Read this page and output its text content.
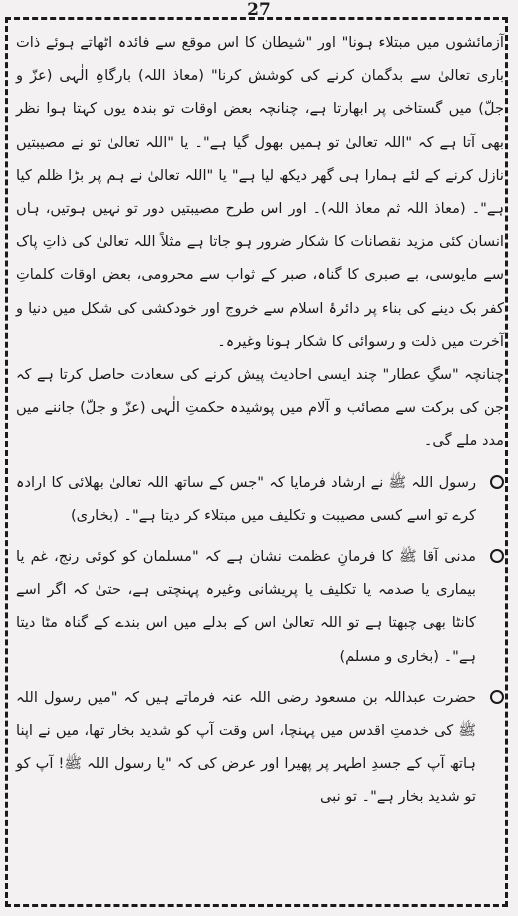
27

آزمائشوں میں مبتلاء ہونا" اور "شیطان کا اس موقع سے فائدہ اٹھاتے ہوئے ذات باری تعالیٰ سے بدگمان کرنے کی کوشش کرنا" (معاذ اللہ) بارگاہِ الٰہی (عزّ و جلّ) میں گستاخی پر ابھارتا ہے، چنانچہ بعض اوقات تو بندہ یوں کہتا ہوا نظر بھی آتا ہے کہ "اللہ تعالیٰ تو ہمیں بھول گیا ہے"۔ یا "اللہ تعالیٰ تو نے مصیبتیں نازل کرنے کے لئے ہمارا ہی گھر دیکھ لیا ہے" یا "اللہ تعالیٰ نے ہم پر بڑا ظلم کیا ہے"۔ (معاذ اللہ ثم معاذ اللہ)۔ اور اس طرح مصیبتیں دور تو نہیں ہوتیں، ہاں انسان کئی مزید نقصانات کا شکار ضرور ہو جاتا ہے مثلاً اللہ تعالیٰ کی ذاتِ پاک سے مایوسی، بے صبری کا گناہ، صبر کے ثواب سے محرومی، بعض اوقات کلماتِ کفر بک دینے کی بناء پر دائرۂ اسلام سے خروج اور خودکشی کی شکل میں دنیا و آخرت میں ذلت و رسوائی کا شکار ہونا وغیرہ۔

چنانچہ "سگِ عطار" چند ایسی احادیث پیش کرنے کی سعادت حاصل کرتا ہے کہ جن کی برکت سے مصائب و آلام میں پوشیدہ حکمتِ الٰہی (عزّ و جلّ) جاننے میں مدد ملے گی۔

رسول اللہ ﷺ نے ارشاد فرمایا کہ "جس کے ساتھ اللہ تعالیٰ بھلائی کا ارادہ کرے تو اسے کسی مصیبت و تکلیف میں مبتلاء کر دیتا ہے"۔ (بخاری)
مدنی آقا ﷺ کا فرمانِ عظمت نشان ہے کہ "مسلمان کو کوئی رنج، غم یا بیماری یا صدمہ یا تکلیف یا پریشانی وغیرہ پہنچتی ہے، حتیٰ کہ اگر اسے کانٹا بھی چبھتا ہے تو اللہ تعالیٰ اس کے بدلے میں اس بندے کے گناہ مٹا دیتا ہے"۔ (بخاری و مسلم)
حضرت عبداللہ بن مسعود رضی اللہ عنہ فرماتے ہیں کہ "میں رسول اللہ ﷺ کی خدمتِ اقدس میں پہنچا، اس وقت آپ کو شدید بخار تھا، میں نے اپنا ہاتھ آپ کے جسدِ اطہر پر پھیرا اور عرض کی کہ "یا رسول اللہ ﷺ! آپ کو تو شدید بخار ہے"۔ تو نبی
